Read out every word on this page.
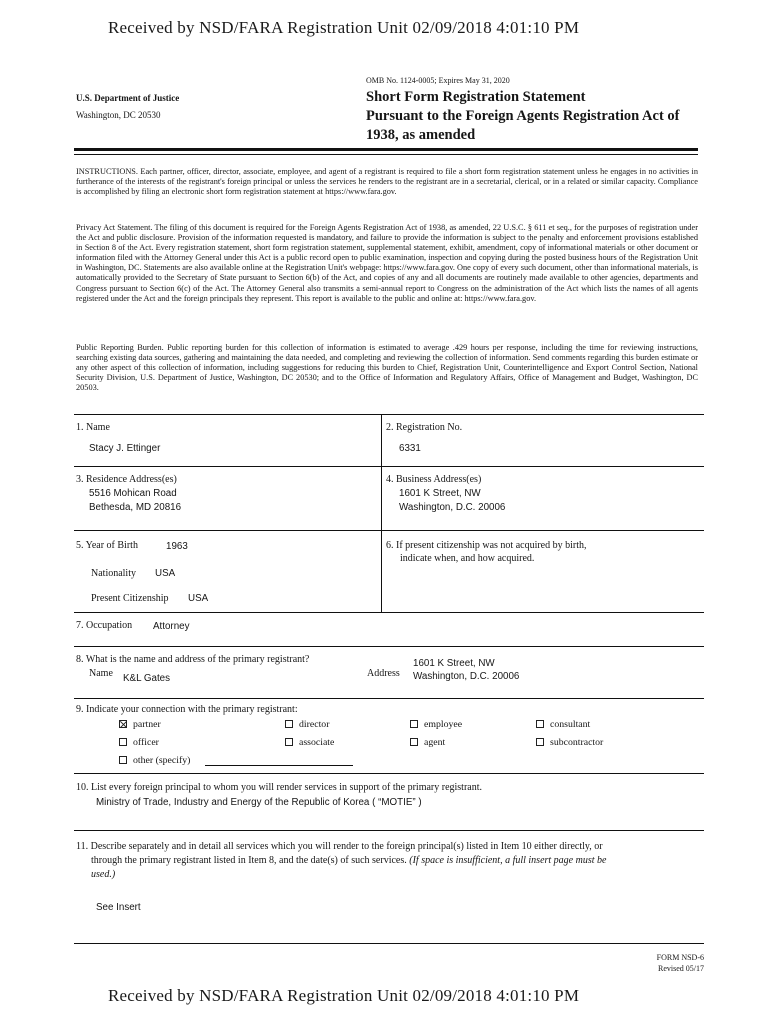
Received by NSD/FARA Registration Unit 02/09/2018 4:01:10 PM
OMB No. 1124-0005; Expires May 31, 2020
U.S. Department of Justice
Washington, DC 20530
Short Form Registration Statement
Pursuant to the Foreign Agents Registration Act of
1938, as amended
INSTRUCTIONS. Each partner, officer, director, associate, employee, and agent of a registrant is required to file a short form registration statement unless he engages in no activities in furtherance of the interests of the registrant's foreign principal or unless the services he renders to the registrant are in a secretarial, clerical, or in a related or similar capacity. Compliance is accomplished by filing an electronic short form registration statement at https://www.fara.gov.
Privacy Act Statement. The filing of this document is required for the Foreign Agents Registration Act of 1938, as amended, 22 U.S.C. § 611 et seq., for the purposes of registration under the Act and public disclosure. Provision of the information requested is mandatory, and failure to provide the information is subject to the penalty and enforcement provisions established in Section 8 of the Act. Every registration statement, short form registration statement, supplemental statement, exhibit, amendment, copy of informational materials or other document or information filed with the Attorney General under this Act is a public record open to public examination, inspection and copying during the posted business hours of the Registration Unit in Washington, DC. Statements are also available online at the Registration Unit's webpage: https://www.fara.gov. One copy of every such document, other than informational materials, is automatically provided to the Secretary of State pursuant to Section 6(b) of the Act, and copies of any and all documents are routinely made available to other agencies, departments and Congress pursuant to Section 6(c) of the Act. The Attorney General also transmits a semi-annual report to Congress on the administration of the Act which lists the names of all agents registered under the Act and the foreign principals they represent. This report is available to the public and online at: https://www.fara.gov.
Public Reporting Burden. Public reporting burden for this collection of information is estimated to average .429 hours per response, including the time for reviewing instructions, searching existing data sources, gathering and maintaining the data needed, and completing and reviewing the collection of information. Send comments regarding this burden estimate or any other aspect of this collection of information, including suggestions for reducing this burden to Chief, Registration Unit, Counterintelligence and Export Control Section, National Security Division, U.S. Department of Justice, Washington, DC 20530; and to the Office of Information and Regulatory Affairs, Office of Management and Budget, Washington, DC 20503.
1. Name
Stacy J. Ettinger
2. Registration No.
6331
3. Residence Address(es)
5516 Mohican Road
Bethesda, MD 20816
4. Business Address(es)
1601 K Street, NW
Washington, D.C. 20006
5. Year of Birth	1963
Nationality USA
Present Citizenship USA
6. If present citizenship was not acquired by birth,
indicate when, and how acquired.
7. Occupation Attorney
8. What is the name and address of the primary registrant?
Name K&L Gates	Address
1601 K Street, NW
Washington, D.C. 20006
9. Indicate your connection with the primary registrant:
partner
officer
other (specify)
director
associate
employee
agent
consultant
subcontractor
10. List every foreign principal to whom you will render services in support of the primary registrant.
Ministry of Trade, Industry and Energy of the Republic of Korea ( “MOTIE” )
11. Describe separately and in detail all services which you will render to the foreign principal(s) listed in Item 10 either directly, or
through the primary registrant listed in Item 8, and the date(s) of such services. (If space is insufficient, a full insert page must be
used.)
See Insert
FORM NSD-6
Revised 05/17
Received by NSD/FARA Registration Unit 02/09/2018 4:01:10 PM
